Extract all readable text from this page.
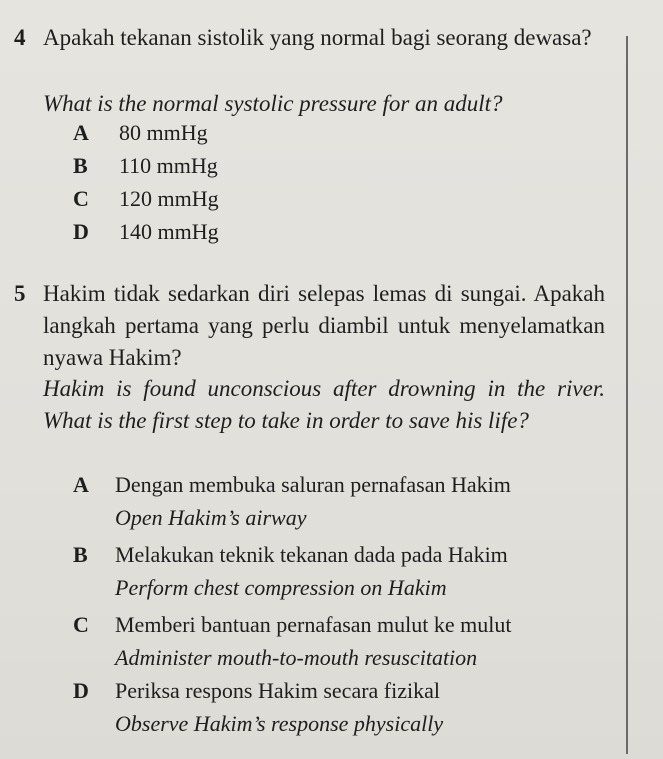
4 Apakah tekanan sistolik yang normal bagi seorang dewasa?
What is the normal systolic pressure for an adult?
A 80 mmHg
B 110 mmHg
C 120 mmHg
D 140 mmHg
5 Hakim tidak sedarkan diri selepas lemas di sungai. Apakah langkah pertama yang perlu diambil untuk menyelamatkan nyawa Hakim?
Hakim is found unconscious after drowning in the river. What is the first step to take in order to save his life?
A Dengan membuka saluran pernafasan Hakim
Open Hakim’s airway
B Melakukan teknik tekanan dada pada Hakim
Perform chest compression on Hakim
C Memberi bantuan pernafasan mulut ke mulut
Administer mouth-to-mouth resuscitation
D Periksa respons Hakim secara fizikal
Observe Hakim’s response physically
